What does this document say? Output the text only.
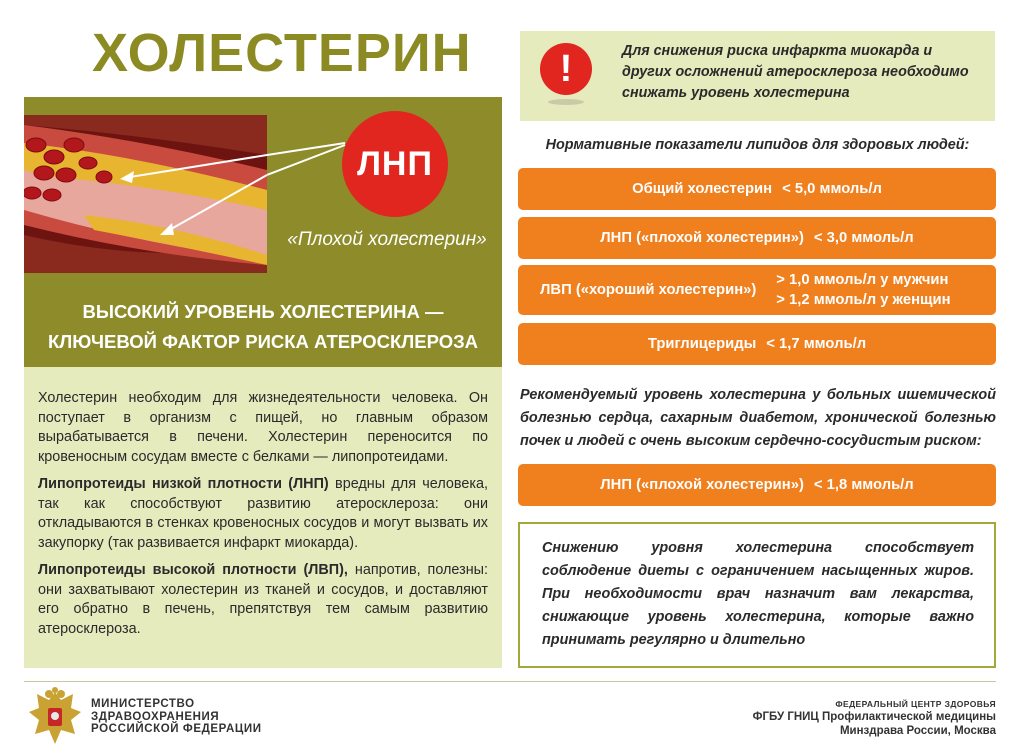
ХОЛЕСТЕРИН
ЛНП
«Плохой холестерин»
ВЫСОКИЙ УРОВЕНЬ ХОЛЕСТЕРИНА —
КЛЮЧЕВОЙ ФАКТОР РИСКА АТЕРОСКЛЕРОЗА

Холестерин необходим для жизнедеятельности человека. Он поступает в организм с пищей, но главным образом вырабатывается в печени. Холестерин переносится по кровеносным сосудам вместе с белками — липопротеидами.

Липопротеиды низкой плотности (ЛНП) вредны для человека, так как способствуют развитию атеросклероза: они откладываются в стенках кровеносных сосудов и могут вызвать их закупорку (так развивается инфаркт миокарда).

Липопротеиды высокой плотности (ЛВП), напротив, полезны: они захватывают холестерин из тканей и сосудов, и доставляют его обратно в печень, препятствуя тем самым развитию атеросклероза.

!	Для снижения риска инфаркта миокарда и других осложнений атеросклероза необходимо снижать уровень холестерина
Нормативные показатели липидов для здоровых людей:
Общий холестерин < 5,0 ммоль/л
ЛНП («плохой холестерин») < 3,0 ммоль/л
ЛВП («хороший холестерин»)
> 1,0 ммоль/л у мужчин
> 1,2 ммоль/л у женщин
Триглицериды < 1,7 ммоль/л
Рекомендуемый уровень холестерина у больных ишемической болезнью сердца, сахарным диабетом, хронической болезнью почек и людей с очень высоким сердечно-сосудистым риском:
ЛНП («плохой холестерин») < 1,8 ммоль/л
Снижению уровня холестерина способствует соблюдение диеты с ограничением насыщенных жиров. При необходимости врач назначит вам лекарства, снижающие уровень холестерина, которые важно принимать регулярно и длительно
МИНИСТЕРСТВО
ЗДРАВООХРАНЕНИЯ
РОССИЙСКОЙ ФЕДЕРАЦИИ
ФЕДЕРАЛЬНЫЙ ЦЕНТР ЗДОРОВЬЯ
ФГБУ ГНИЦ Профилактической медицины
Минздрава России, Москва
